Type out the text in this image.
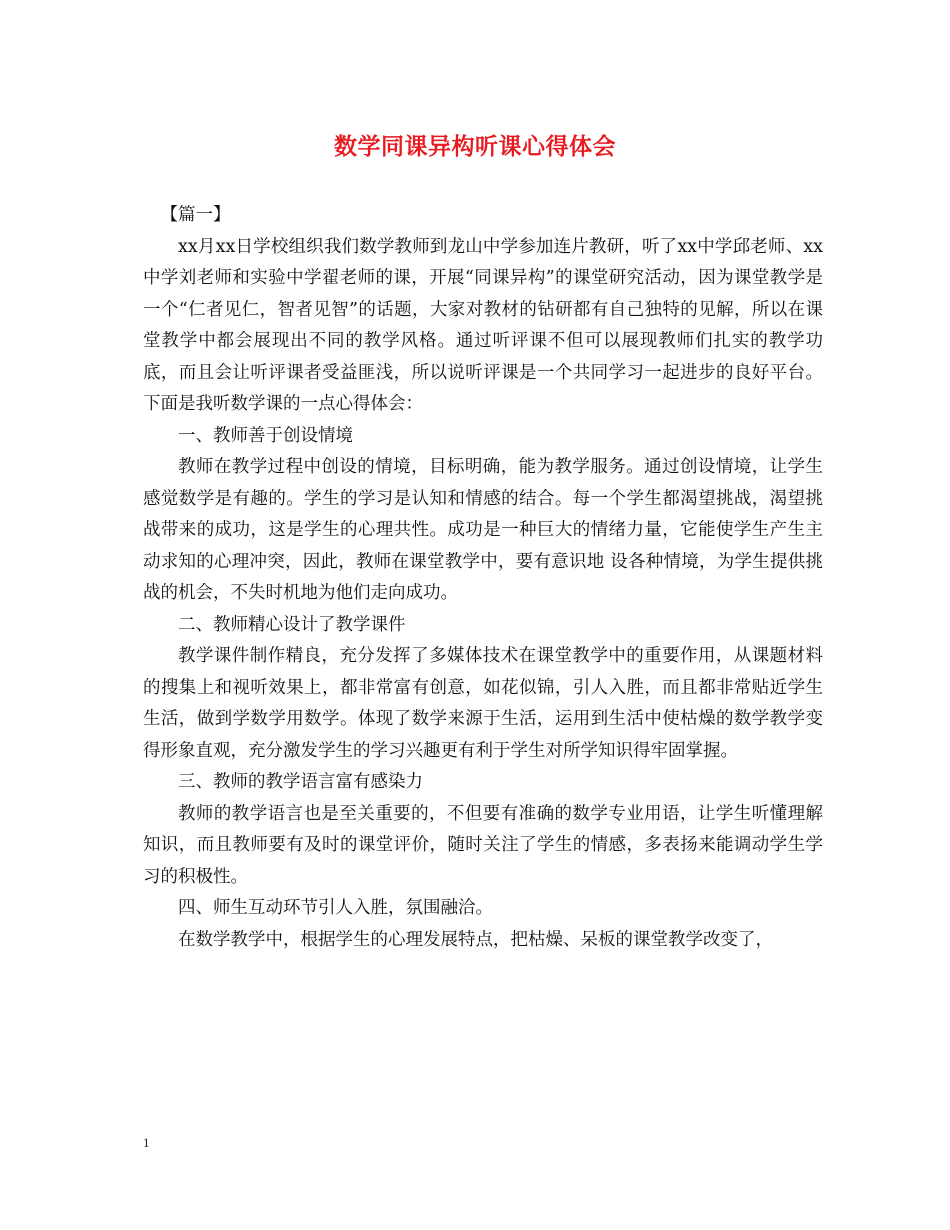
数学同课异构听课心得体会

【篇一】

xx月xx日学校组织我们数学教师到龙山中学参加连片教研，听了xx中学邱老师、xx中学刘老师和实验中学翟老师的课，开展“同课异构”的课堂研究活动，因为课堂教学是一个“仁者见仁，智者见智”的话题，大家对教材的钻研都有自己独特的见解，所以在课堂教学中都会展现出不同的教学风格。通过听评课不但可以展现教师们扎实的教学功底，而且会让听评课者受益匪浅，所以说听评课是一个共同学习一起进步的良好平台。下面是我听数学课的一点心得体会：

一、教师善于创设情境

教师在教学过程中创设的情境，目标明确，能为教学服务。通过创设情境，让学生感觉数学是有趣的。学生的学习是认知和情感的结合。每一个学生都渴望挑战，渴望挑战带来的成功，这是学生的心理共性。成功是一种巨大的情绪力量，它能使学生产生主动求知的心理冲突，因此，教师在课堂教学中，要有意识地 设各种情境，为学生提供挑战的机会，不失时机地为他们走向成功。

二、教师精心设计了教学课件

教学课件制作精良，充分发挥了多媒体技术在课堂教学中的重要作用，从课题材料的搜集上和视听效果上，都非常富有创意，如花似锦，引人入胜，而且都非常贴近学生生活，做到学数学用数学。体现了数学来源于生活，运用到生活中使枯燥的数学教学变得形象直观，充分激发学生的学习兴趣更有利于学生对所学知识得牢固掌握。

三、教师的教学语言富有感染力

教师的教学语言也是至关重要的，不但要有准确的数学专业用语，让学生听懂理解知识，而且教师要有及时的课堂评价，随时关注了学生的情感，多表扬来能调动学生学习的积极性。

四、师生互动环节引人入胜，氛围融洽。

在数学教学中，根据学生的心理发展特点，把枯燥、呆板的课堂教学改变了，

1
